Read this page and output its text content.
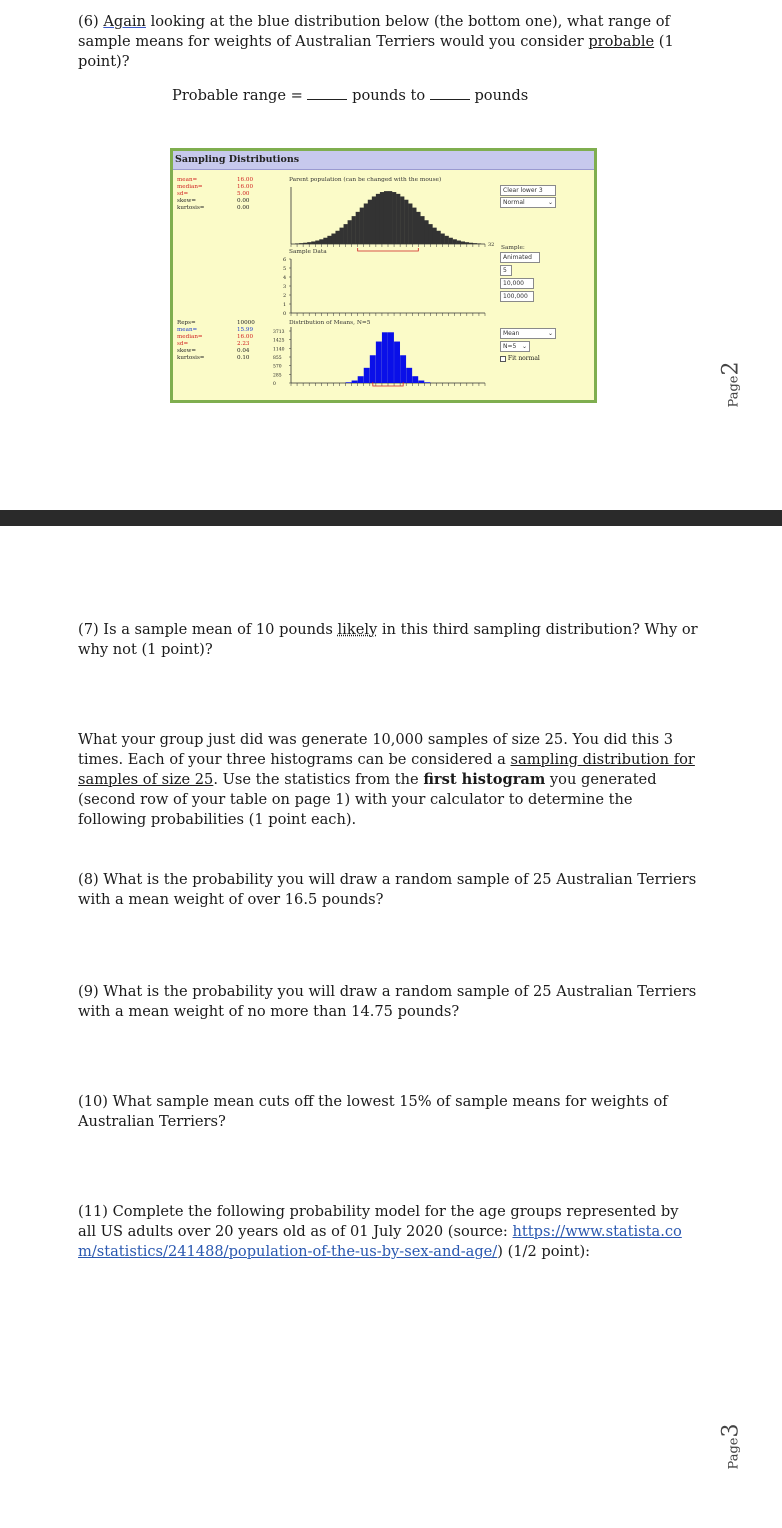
(6) Again looking at the blue distribution below (the bottom one), what range of sample means for weights of Australian Terriers would you consider probable (1 point)?

Probable range =	pounds to	pounds
Sampling Distributions
mean=	16.00
median=	16.00
sd=	5.00
skew=	0.00
kurtosis=	0.00
Reps=	10000
mean=	15.99
median=	16.00
sd=	2.23
skew=	0.04
kurtosis=	0.10
Parent population (can be changed with the mouse)
Sample Data
Distribution of Means, N=5
32
6
5
4
3
2
1
0
3713
1425
1140
855
570
285
0
Clear lower 3
Normal	⌄
Sample:
Animated
5
10,000
100,000
Mean	⌄
N=5 ⌄
Fit normal
Page2

(7) Is a sample mean of 10 pounds likely in this third sampling distribution? Why or why not (1 point)?

What your group just did was generate 10,000 samples of size 25. You did this 3 times. Each of your three histograms can be considered a sampling distribution for samples of size 25. Use the statistics from the first histogram you generated (second row of your table on page 1) with your calculator to determine the following probabilities (1 point each).

(8) What is the probability you will draw a random sample of 25 Australian Terriers with a mean weight of over 16.5 pounds?

(9) What is the probability you will draw a random sample of 25 Australian Terriers with a mean weight of no more than 14.75 pounds?

(10) What sample mean cuts off the lowest 15% of sample means for weights of Australian Terriers?

(11) Complete the following probability model for the age groups represented by all US adults over 20 years old as of 01 July 2020 (source: https://www.statista.com/statistics/241488/population-of-the-us-by-sex-and-age/) (1/2 point):

Page3
